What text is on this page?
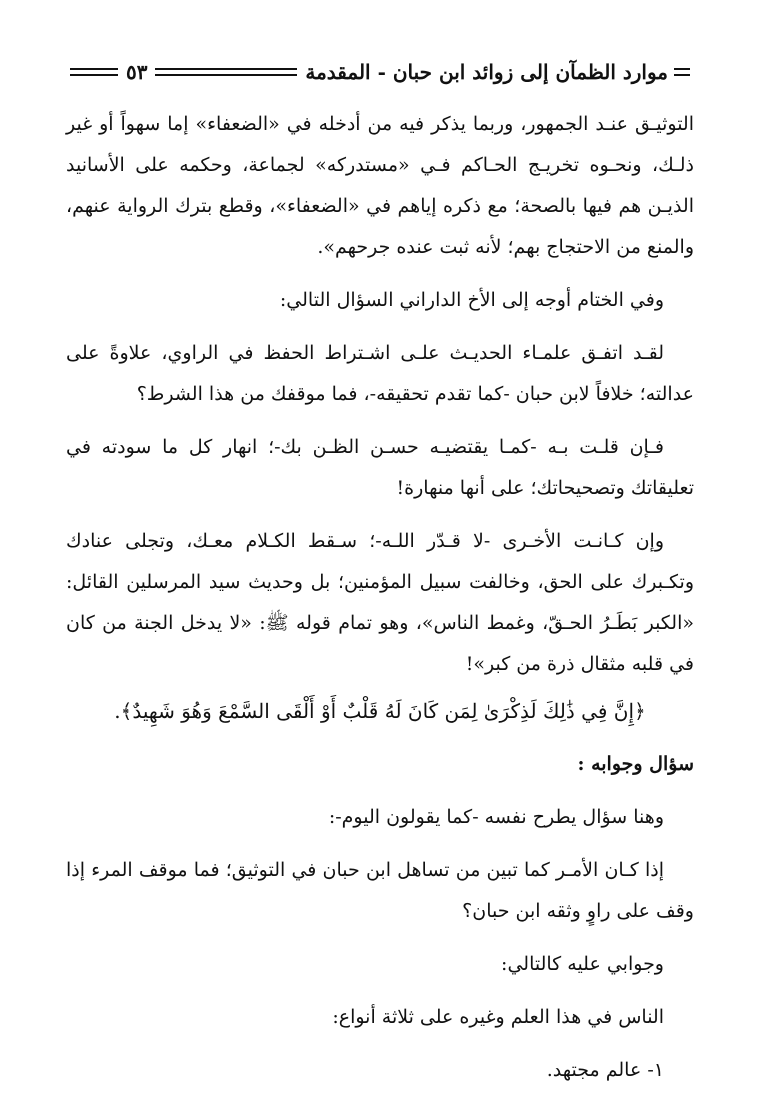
موارد الظمآن إلى زوائد ابن حبان - المقدمة
٥٣

التوثيـق عنـد الجمهور، وربما يذكر فيه من أدخله في «الضعفاء» إما سهواً أو غير ذلـك، ونحـوه تخريـج الحـاكم فـي «مستدركه» لجماعة، وحكمه على الأسانيد الذيـن هم فيها بالصحة؛ مع ذكره إياهم في «الضعفاء»، وقطع بترك الرواية عنهم، والمنع من الاحتجاج بهم؛ لأنه ثبت عنده جرحهم».

وفي الختام أوجه إلى الأخ الداراني السؤال التالي:

لقـد اتفـق علمـاء الحديـث علـى اشـتراط الحفظ في الراوي، علاوةً على عدالته؛ خلافاً لابن حبان -كما تقدم تحقيقه-، فما موقفك من هذا الشرط؟

فـإن قلـت بـه -كمـا يقتضيـه حسـن الظـن بك-؛ انهار كل ما سودته في تعليقاتك وتصحيحاتك؛ على أنها منهارة!

وإن كـانـت الأخـرى -لا قـدّر اللـه-؛ سـقط الكـلام معـك، وتجلى عنادك وتكـبرك على الحق، وخالفت سبيل المؤمنين؛ بل وحديث سيد المرسلين القائل: «الكبر بَطَـرُ الحـقّ، وغمط الناس»، وهو تمام قوله ﷺ: «لا يدخل الجنة من كان في قلبه مثقال ذرة من كبر»!

﴿إِنَّ فِي ذَٰلِكَ لَذِكْرَىٰ لِمَن كَانَ لَهُ قَلْبٌ أَوْ أَلْقَى السَّمْعَ وَهُوَ شَهِيدٌ﴾.

سؤال وجوابه :

وهنا سؤال يطرح نفسه -كما يقولون اليوم-:

إذا كـان الأمـر كما تبين من تساهل ابن حبان في التوثيق؛ فما موقف المرء إذا وقف على راوٍ وثقه ابن حبان؟

وجوابي عليه كالتالي:

الناس في هذا العلم وغيره على ثلاثة أنواع:

١- عالم مجتهد.
